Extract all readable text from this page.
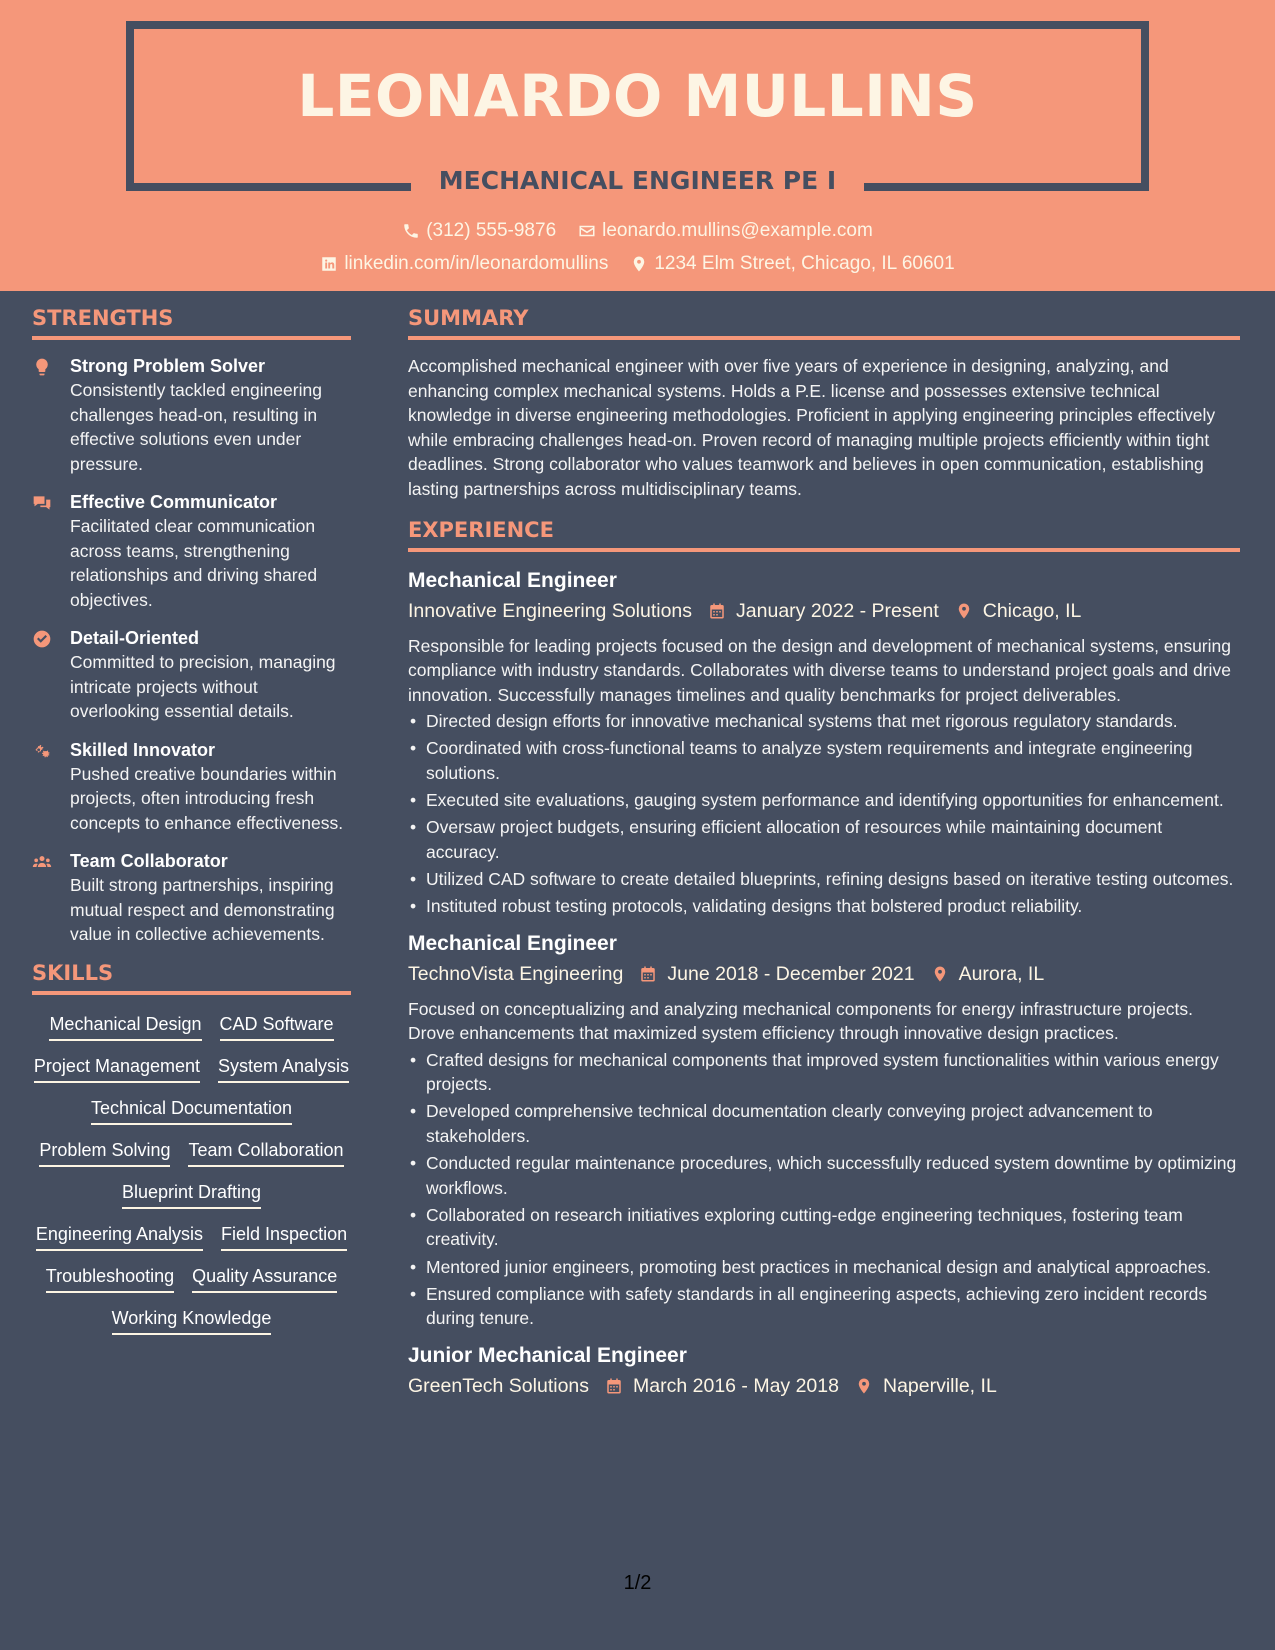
LEONARDO MULLINS
MECHANICAL ENGINEER PE I
(312) 555-9876 leonardo.mullins@example.com
linkedin.com/in/leonardomullins 1234 Elm Street, Chicago, IL 60601
STRENGTHS
Strong Problem Solver
Consistently tackled engineering challenges head-on, resulting in effective solutions even under pressure.
Effective Communicator
Facilitated clear communication across teams, strengthening relationships and driving shared objectives.
Detail-Oriented
Committed to precision, managing intricate projects without overlooking essential details.
Skilled Innovator
Pushed creative boundaries within projects, often introducing fresh concepts to enhance effectiveness.
Team Collaborator
Built strong partnerships, inspiring mutual respect and demonstrating value in collective achievements.
SKILLS
Mechanical Design CAD Software
Project Management System Analysis
Technical Documentation
Problem Solving Team Collaboration
Blueprint Drafting
Engineering Analysis Field Inspection
Troubleshooting Quality Assurance
Working Knowledge
SUMMARY
Accomplished mechanical engineer with over five years of experience in designing, analyzing, and enhancing complex mechanical systems. Holds a P.E. license and possesses extensive technical knowledge in diverse engineering methodologies. Proficient in applying engineering principles effectively while embracing challenges head-on. Proven record of managing multiple projects efficiently within tight deadlines. Strong collaborator who values teamwork and believes in open communication, establishing lasting partnerships across multidisciplinary teams.
EXPERIENCE
Mechanical Engineer
Innovative Engineering Solutions January 2022 - Present Chicago, IL
Responsible for leading projects focused on the design and development of mechanical systems, ensuring compliance with industry standards. Collaborates with diverse teams to understand project goals and drive innovation. Successfully manages timelines and quality benchmarks for project deliverables.
• Directed design efforts for innovative mechanical systems that met rigorous regulatory standards.
• Coordinated with cross-functional teams to analyze system requirements and integrate engineering solutions.
• Executed site evaluations, gauging system performance and identifying opportunities for enhancement.
• Oversaw project budgets, ensuring efficient allocation of resources while maintaining document accuracy.
• Utilized CAD software to create detailed blueprints, refining designs based on iterative testing outcomes.
• Instituted robust testing protocols, validating designs that bolstered product reliability.
Mechanical Engineer
TechnoVista Engineering June 2018 - December 2021 Aurora, IL
Focused on conceptualizing and analyzing mechanical components for energy infrastructure projects. Drove enhancements that maximized system efficiency through innovative design practices.
• Crafted designs for mechanical components that improved system functionalities within various energy projects.
• Developed comprehensive technical documentation clearly conveying project advancement to stakeholders.
• Conducted regular maintenance procedures, which successfully reduced system downtime by optimizing workflows.
• Collaborated on research initiatives exploring cutting-edge engineering techniques, fostering team creativity.
• Mentored junior engineers, promoting best practices in mechanical design and analytical approaches.
• Ensured compliance with safety standards in all engineering aspects, achieving zero incident records during tenure.
Junior Mechanical Engineer
GreenTech Solutions March 2016 - May 2018 Naperville, IL
1/2
